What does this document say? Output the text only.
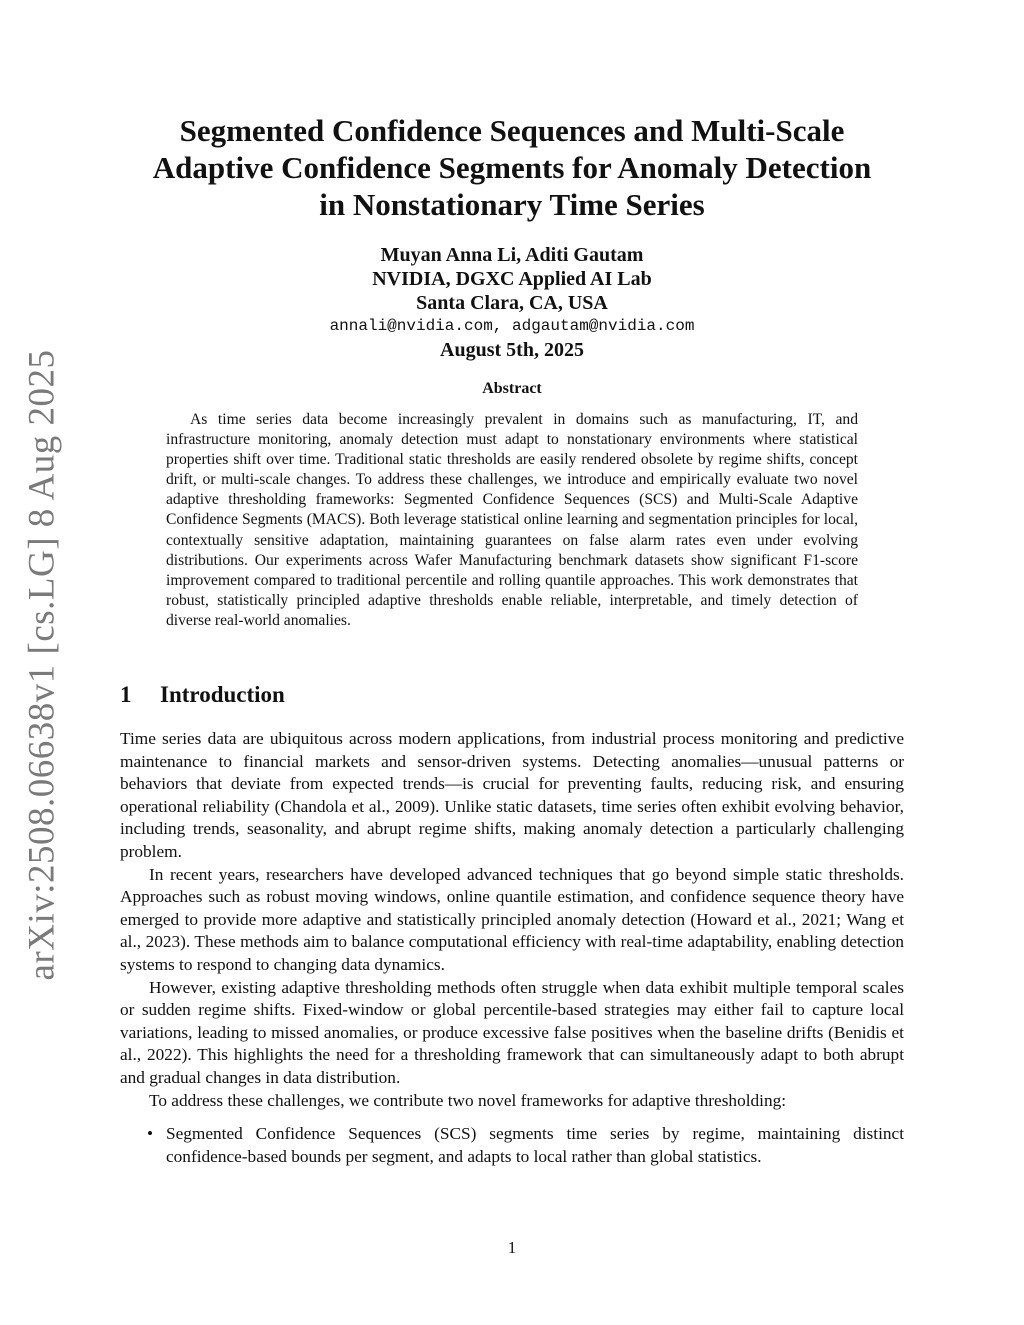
arXiv:2508.06638v1 [cs.LG] 8 Aug 2025
Segmented Confidence Sequences and Multi-Scale
Adaptive Confidence Segments for Anomaly Detection
in Nonstationary Time Series
Muyan Anna Li, Aditi Gautam
NVIDIA, DGXC Applied AI Lab
Santa Clara, CA, USA
annali@nvidia.com, adgautam@nvidia.com
August 5th, 2025
Abstract

As time series data become increasingly prevalent in domains such as manufacturing, IT, and infrastructure monitoring, anomaly detection must adapt to nonstationary environments where statistical properties shift over time. Traditional static thresholds are easily rendered obsolete by regime shifts, concept drift, or multi-scale changes. To address these challenges, we introduce and empirically evaluate two novel adaptive thresholding frameworks: Segmented Confidence Sequences (SCS) and Multi-Scale Adaptive Confidence Segments (MACS). Both leverage statistical online learning and segmentation principles for local, contextually sensitive adaptation, maintaining guarantees on false alarm rates even under evolving distributions. Our experiments across Wafer Manufacturing benchmark datasets show significant F1-score improvement compared to traditional percentile and rolling quantile approaches. This work demonstrates that robust, statistically principled adaptive thresholds enable reliable, interpretable, and timely detection of diverse real-world anomalies.

1 Introduction

Time series data are ubiquitous across modern applications, from industrial process monitoring and predictive maintenance to financial markets and sensor-driven systems. Detecting anomalies—unusual patterns or behaviors that deviate from expected trends—is crucial for preventing faults, reducing risk, and ensuring operational reliability (Chandola et al., 2009). Unlike static datasets, time series often exhibit evolving behavior, including trends, seasonality, and abrupt regime shifts, making anomaly detection a particularly challenging problem.

In recent years, researchers have developed advanced techniques that go beyond simple static thresholds. Approaches such as robust moving windows, online quantile estimation, and confidence sequence theory have emerged to provide more adaptive and statistically principled anomaly detection (Howard et al., 2021; Wang et al., 2023). These methods aim to balance computational efficiency with real-time adaptability, enabling detection systems to respond to changing data dynamics.

However, existing adaptive thresholding methods often struggle when data exhibit multiple temporal scales or sudden regime shifts. Fixed-window or global percentile-based strategies may either fail to capture local variations, leading to missed anomalies, or produce excessive false positives when the baseline drifts (Benidis et al., 2022). This highlights the need for a thresholding framework that can simultaneously adapt to both abrupt and gradual changes in data distribution.

To address these challenges, we contribute two novel frameworks for adaptive thresholding:

• Segmented Confidence Sequences (SCS) segments time series by regime, maintaining distinct confidence-based bounds per segment, and adapts to local rather than global statistics.
1
